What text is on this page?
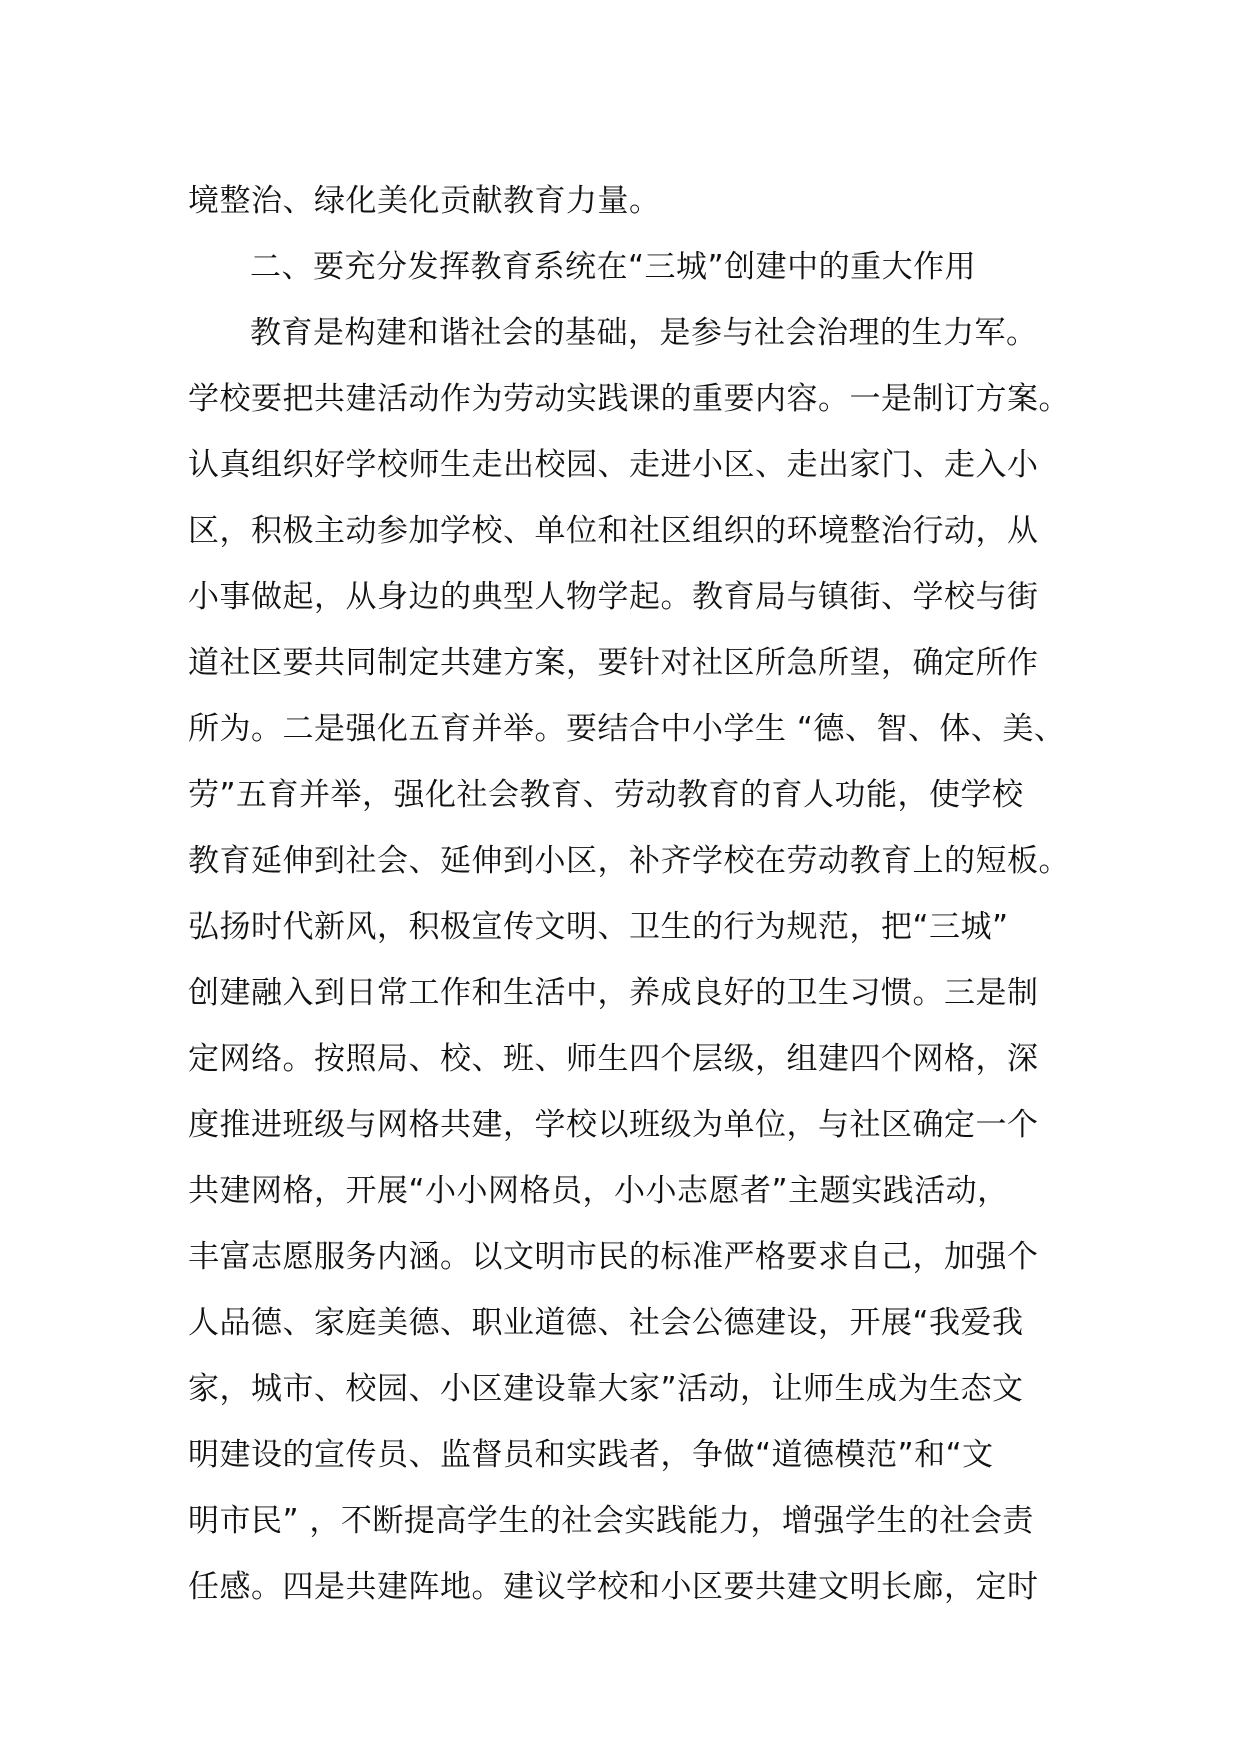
境整治、绿化美化贡献教育力量。
二、要充分发挥教育系统在“三城”创建中的重大作用
教育是构建和谐社会的基础，是参与社会治理的生力军。
学校要把共建活动作为劳动实践课的重要内容。一是制订方案。
认真组织好学校师生走出校园、走进小区、走出家门、走入小
区，积极主动参加学校、单位和社区组织的环境整治行动，从
小事做起，从身边的典型人物学起。教育局与镇街、学校与街
道社区要共同制定共建方案，要针对社区所急所望，确定所作
所为。二是强化五育并举。要结合中小学生 “德、智、体、美、
劳”五育并举，强化社会教育、劳动教育的育人功能，使学校
教育延伸到社会、延伸到小区，补齐学校在劳动教育上的短板。
弘扬时代新风，积极宣传文明、卫生的行为规范，把“三城”
创建融入到日常工作和生活中，养成良好的卫生习惯。三是制
定网络。按照局、校、班、师生四个层级，组建四个网格，深
度推进班级与网格共建，学校以班级为单位，与社区确定一个
共建网格，开展“小小网格员，小小志愿者”主题实践活动，
丰富志愿服务内涵。以文明市民的标准严格要求自己，加强个
人品德、家庭美德、职业道德、社会公德建设，开展“我爱我
家，城市、校园、小区建设靠大家”活动，让师生成为生态文
明建设的宣传员、监督员和实践者，争做“道德模范”和“文
明市民” ，不断提高学生的社会实践能力，增强学生的社会责
任感。四是共建阵地。建议学校和小区要共建文明长廊，定时
